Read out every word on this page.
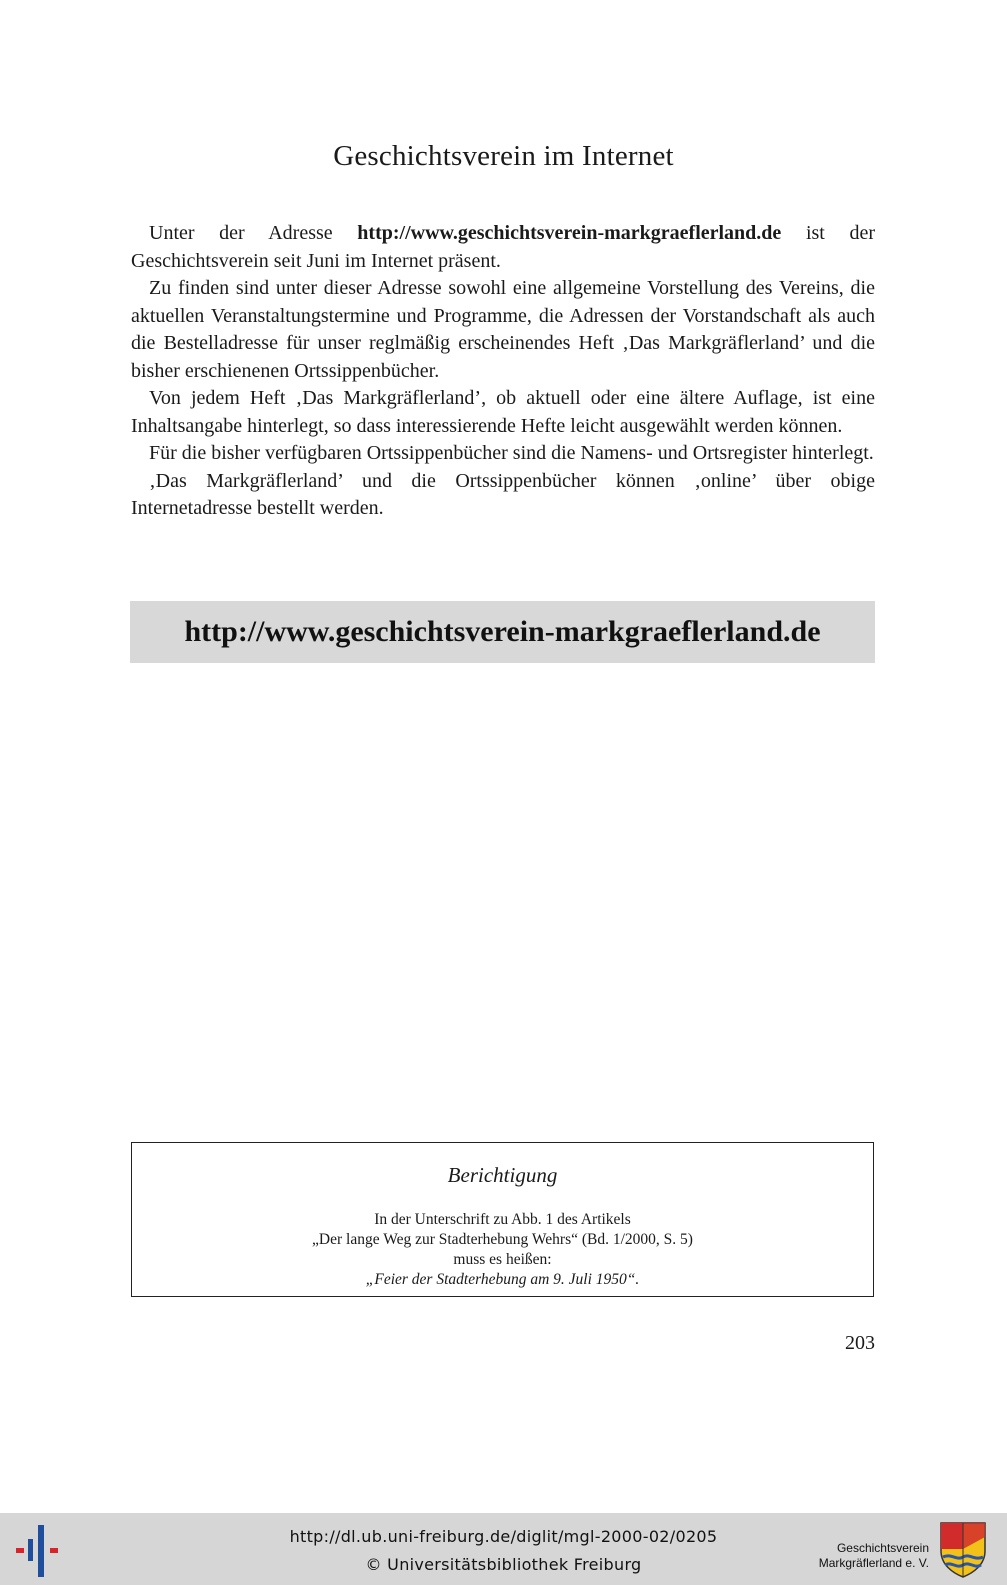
Geschichtsverein im Internet

Unter der Adresse http://www.geschichtsverein-markgraeflerland.de ist der Geschichtsverein seit Juni im Internet präsent.

Zu finden sind unter dieser Adresse sowohl eine allgemeine Vorstellung des Vereins, die aktuellen Veranstaltungstermine und Programme, die Adressen der Vorstandschaft als auch die Bestelladresse für unser reglmäßig erscheinendes Heft ‚Das Markgräflerland’ und die bisher erschienenen Ortssippenbücher.

Von jedem Heft ‚Das Markgräflerland’, ob aktuell oder eine ältere Auflage, ist eine Inhaltsangabe hinterlegt, so dass interessierende Hefte leicht ausgewählt werden können.

Für die bisher verfügbaren Ortssippenbücher sind die Namens- und Ortsregister hinterlegt.

‚Das Markgräflerland’ und die Ortssippenbücher können ‚online’ über obige Internetadresse bestellt werden.

http://www.geschichtsverein-markgraeflerland.de
Berichtigung
In der Unterschrift zu Abb. 1 des Artikels
„Der lange Weg zur Stadterhebung Wehrs“ (Bd. 1/2000, S. 5)
muss es heißen:
„Feier der Stadterhebung am 9. Juli 1950“.
203
http://dl.ub.uni-freiburg.de/diglit/mgl-2000-02/0205
© Universitätsbibliothek Freiburg
Geschichtsverein
Markgräflerland e. V.
